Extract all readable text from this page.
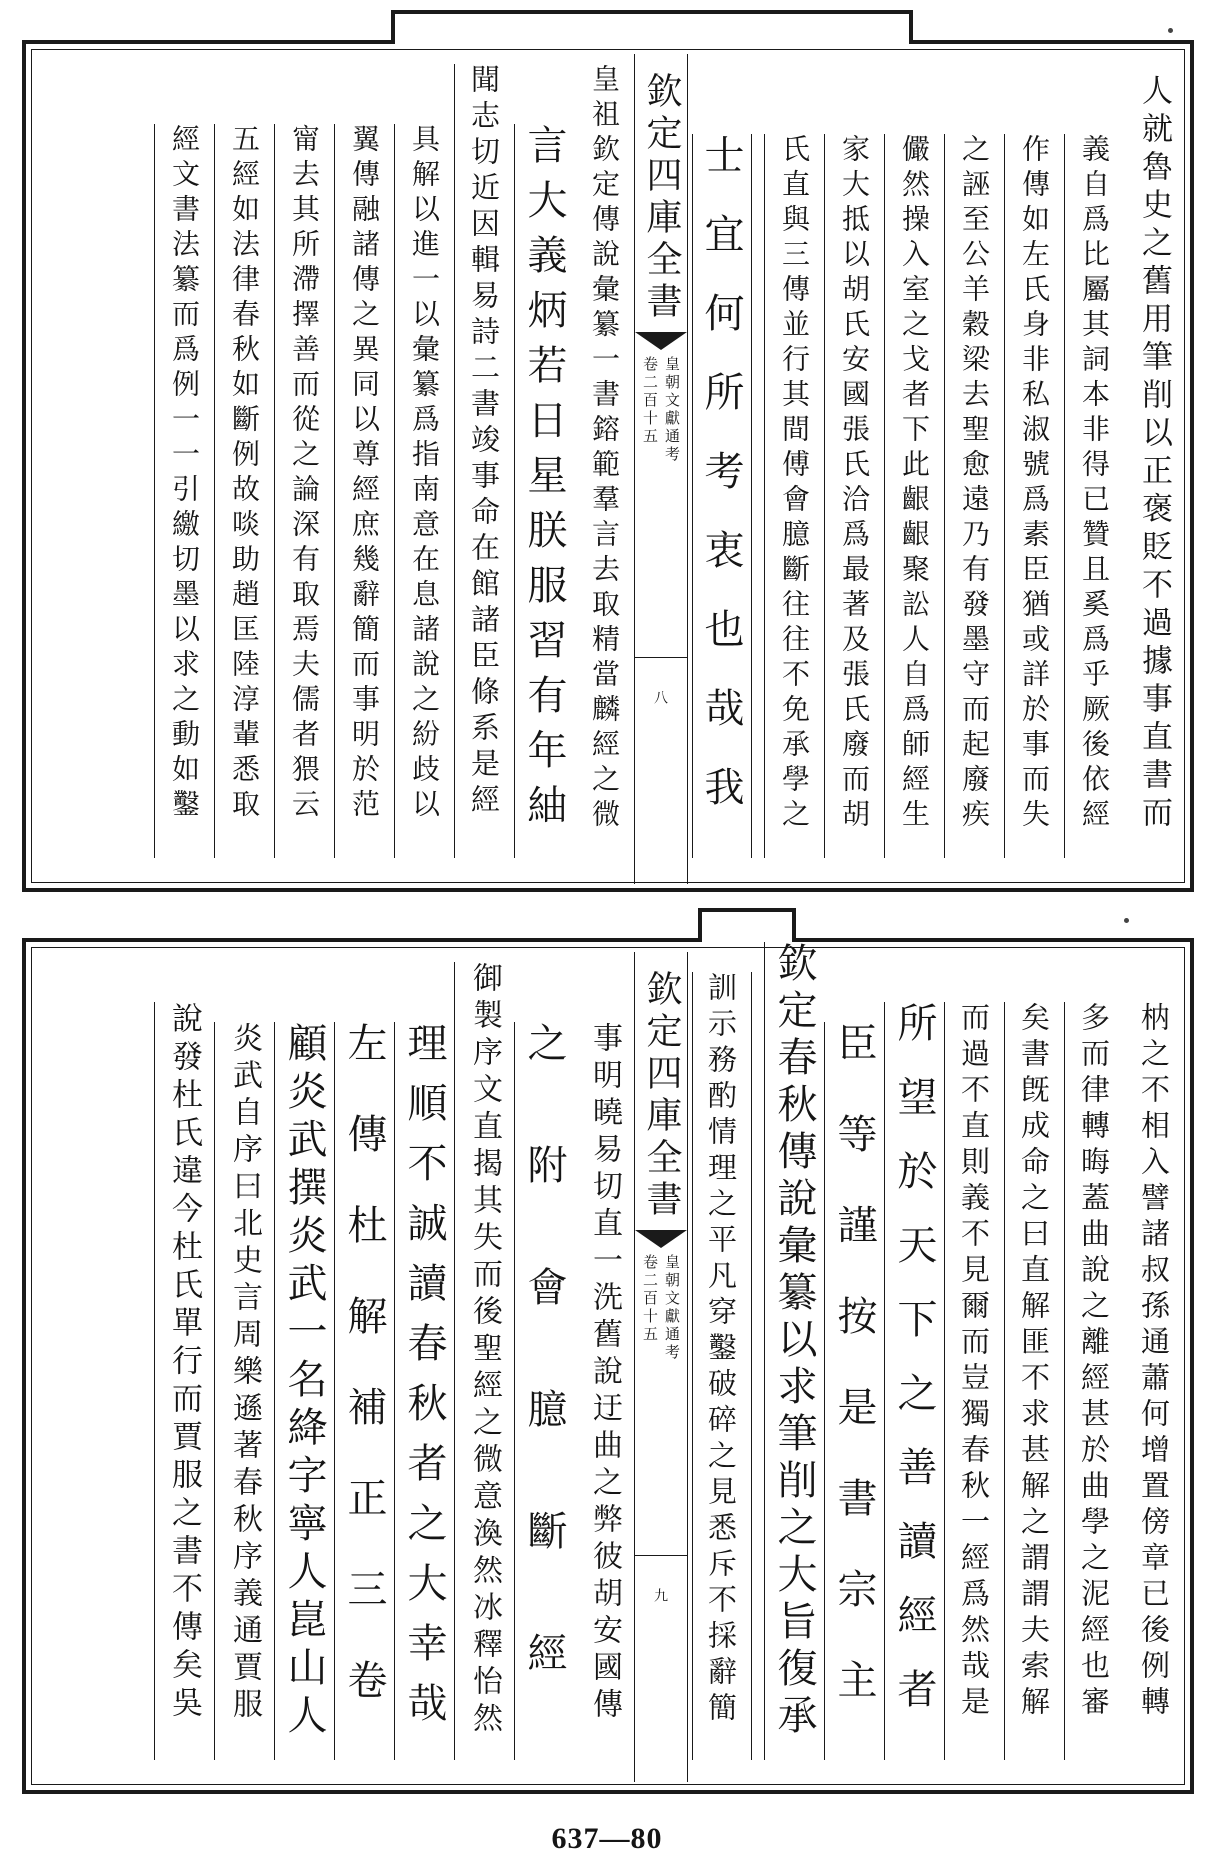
人就魯史之舊用筆削以正褒貶不過據事直書而
義自爲比屬其詞本非得已贊且奚爲乎厥後依經
作傳如左氏身非私淑號爲素臣猶或詳於事而失
之誣至公羊穀梁去聖愈遠乃有發墨守而起廢疾
儼然操入室之戈者下此齦齦聚訟人自爲師經生
家大抵以胡氏安國張氏洽爲最著及張氏廢而胡
氏直與三傳並行其間傅會臆斷往往不免承學之
士宜何所考衷也哉我
欽定四庫全書
皇朝文獻通考
卷二百十五
八
皇祖欽定傳說彙纂一書鎔範羣言去取精當麟經之微
言大義炳若日星朕服習有年紬
聞志切近因輯易詩二書竣事命在館諸臣條系是經
具解以進一以彙纂爲指南意在息諸說之紛歧以
翼傳融諸傳之異同以尊經庶幾辭簡而事明於范
甯去其所滯擇善而從之論深有取焉夫儒者猥云
五經如法律春秋如斷例故啖助趙匡陸淳輩悉取
經文書法纂而爲例一一引繳切墨以求之動如鑿
枘之不相入譬諸叔孫通蕭何增置傍章已後例轉
多而律轉晦蓋曲說之離經甚於曲學之泥經也審
矣書旣成命之曰直解匪不求甚解之謂謂夫索解
而過不直則義不見爾而豈獨春秋一經爲然哉是
所望於天下之善讀經者
臣等謹按是書宗主
欽定春秋傳說彙纂以求筆削之大旨復承
訓示務酌情理之平凡穿鑿破碎之見悉斥不採辭簡
欽定四庫全書
皇朝文獻通考
卷二百十五
九
事明曉易切直一洗舊說迂曲之弊彼胡安國傳
之附會臆斷經
御製序文直揭其失而後聖經之微意渙然冰釋怡然
理順不誠讀春秋者之大幸哉
左傳杜解補正三卷
顧炎武撰炎武一名絳字寧人崑山人
炎武自序曰北史言周樂遜著春秋序義通賈服
說發杜氏違今杜氏單行而賈服之書不傳矣吳
637—80
